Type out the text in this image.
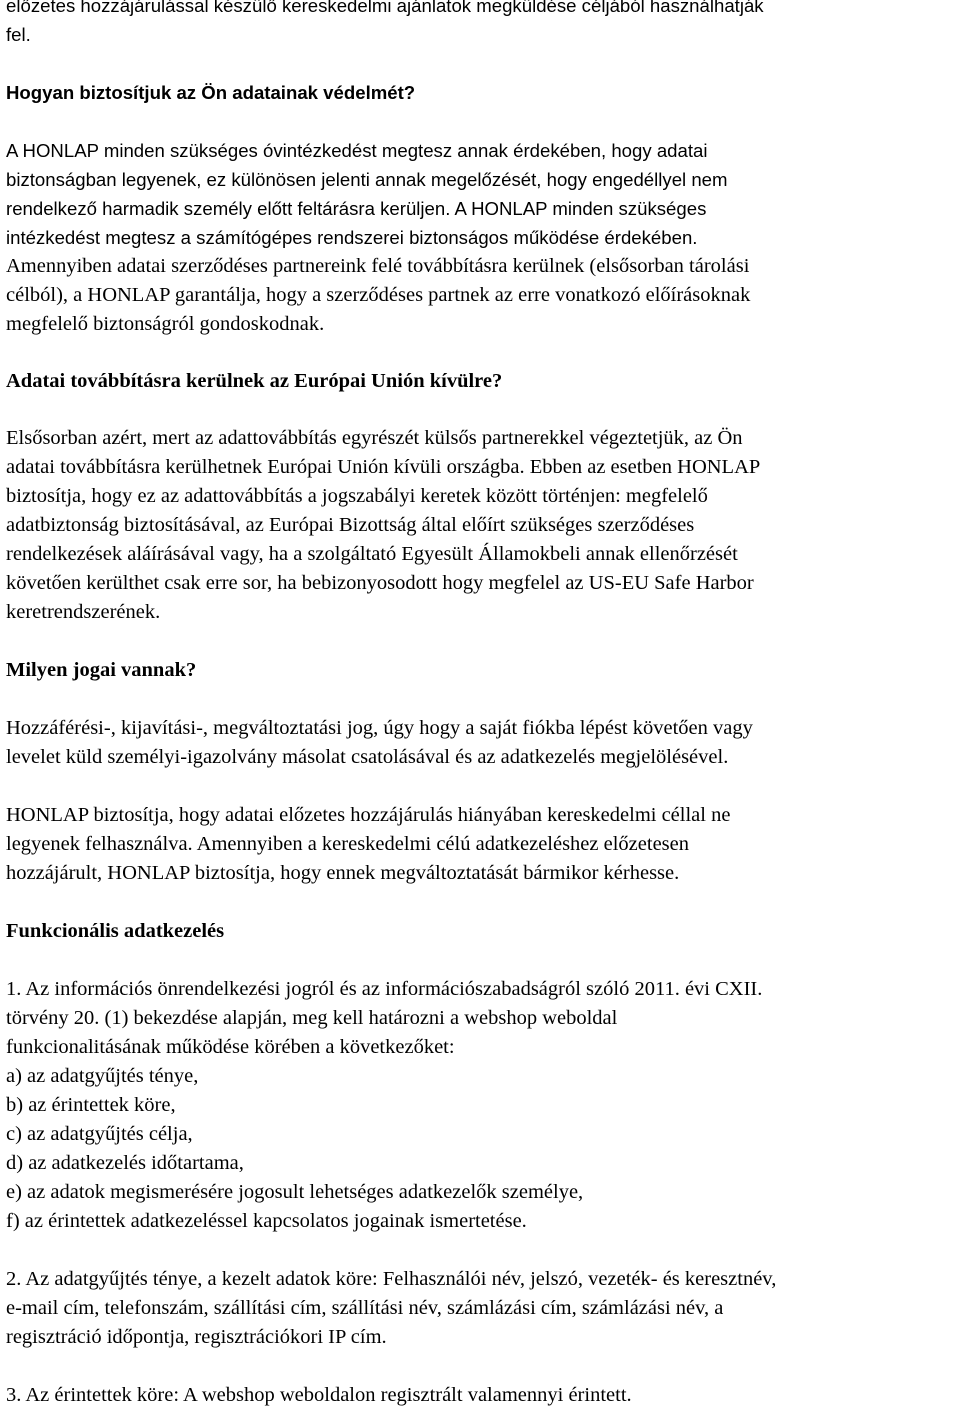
előzetes hozzájárulással készülő kereskedelmi ajánlatok megküldése céljából használhatják
fel.

Hogyan biztosítjuk az Ön adatainak védelmét?

A HONLAP minden szükséges óvintézkedést megtesz annak érdekében, hogy adatai
biztonságban legyenek, ez különösen jelenti annak megelőzését, hogy engedéllyel nem
rendelkező harmadik személy előtt feltárásra kerüljen. A HONLAP minden szükséges
intézkedést megtesz a számítógépes rendszerei biztonságos működése érdekében.
Amennyiben adatai szerződéses partnereink felé továbbításra kerülnek (elsősorban tárolási
célból), a HONLAP garantálja, hogy a szerződéses partnek az erre vonatkozó előírásoknak
megfelelő biztonságról gondoskodnak.

Adatai továbbításra kerülnek az Európai Unión kívülre?

Elsősorban azért, mert az adattovábbítás egyrészét külsős partnerekkel végeztetjük, az Ön
adatai továbbításra kerülhetnek Európai Unión kívüli országba. Ebben az esetben HONLAP
biztosítja, hogy ez az adattovábbítás a jogszabályi keretek között történjen: megfelelő
adatbiztonság biztosításával, az Európai Bizottság által előírt szükséges szerződéses
rendelkezések aláírásával vagy, ha a szolgáltató Egyesült Államokbeli annak ellenőrzését
követően kerülthet csak erre sor, ha bebizonyosodott hogy megfelel az US-EU Safe Harbor
keretrendszerének.

Milyen jogai vannak?

Hozzáférési-, kijavítási-, megváltoztatási jog, úgy hogy a saját fiókba lépést követően vagy
levelet küld személyi-igazolvány másolat csatolásával és az adatkezelés megjelölésével.

HONLAP biztosítja, hogy adatai előzetes hozzájárulás hiányában kereskedelmi céllal ne
legyenek felhasználva. Amennyiben a kereskedelmi célú adatkezeléshez előzetesen
hozzájárult, HONLAP biztosítja, hogy ennek megváltoztatását bármikor kérhesse.

Funkcionális adatkezelés

1. Az információs önrendelkezési jogról és az információszabadságról szóló 2011. évi CXII.
törvény 20. (1) bekezdése alapján, meg kell határozni a webshop weboldal
funkcionalitásának működése körében a következőket:
a) az adatgyűjtés ténye,
b) az érintettek köre,
c) az adatgyűjtés célja,
d) az adatkezelés időtartama,
e) az adatok megismerésére jogosult lehetséges adatkezelők személye,
f) az érintettek adatkezeléssel kapcsolatos jogainak ismertetése.

2. Az adatgyűjtés ténye, a kezelt adatok köre: Felhasználói név, jelszó, vezeték- és keresztnév,
e-mail cím, telefonszám, szállítási cím, szállítási név, számlázási cím, számlázási név, a
regisztráció időpontja, regisztrációkori IP cím.

3. Az érintettek köre: A webshop weboldalon regisztrált valamennyi érintett.
